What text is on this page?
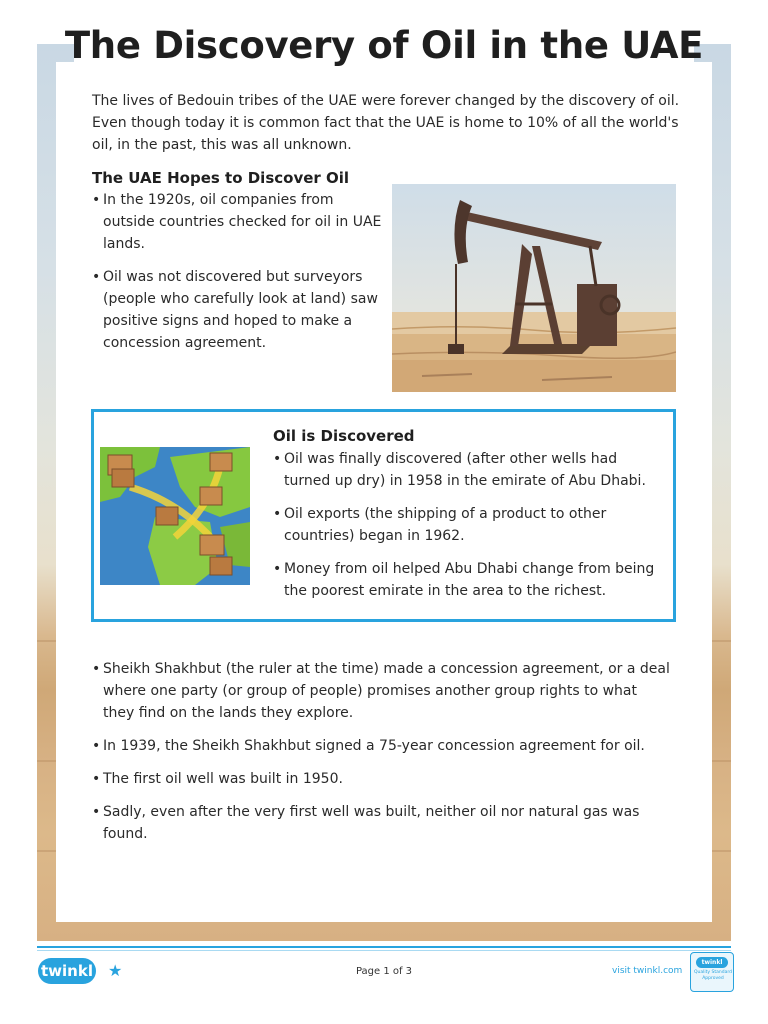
The Discovery of Oil in the UAE

The lives of Bedouin tribes of the UAE were forever changed by the discovery of oil. Even though today it is common fact that the UAE is home to 10% of all the world's oil, in the past, this was all unknown.

The UAE Hopes to Discover Oil
• In the 1920s, oil companies from outside countries checked for oil in UAE lands.
• Oil was not discovered but surveyors (people who carefully look at land) saw positive signs and hoped to make a concession agreement.
Oil is Discovered
• Oil was finally discovered (after other wells had turned up dry) in 1958 in the emirate of Abu Dhabi.
• Oil exports (the shipping of a product to other countries) began in 1962.
• Money from oil helped Abu Dhabi change from being the poorest emirate in the area to the richest.
• Sheikh Shakhbut (the ruler at the time) made a concession agreement, or a deal where one party (or group of people) promises another group rights to what they find on the lands they explore.
• In 1939, the Sheikh Shakhbut signed a 75-year concession agreement for oil.
• The first oil well was built in 1950.
• Sadly, even after the very first well was built, neither oil nor natural gas was found.
twinkl ★	Page 1 of 3	visit twinkl.com
twinkl
Quality Standard Approved
